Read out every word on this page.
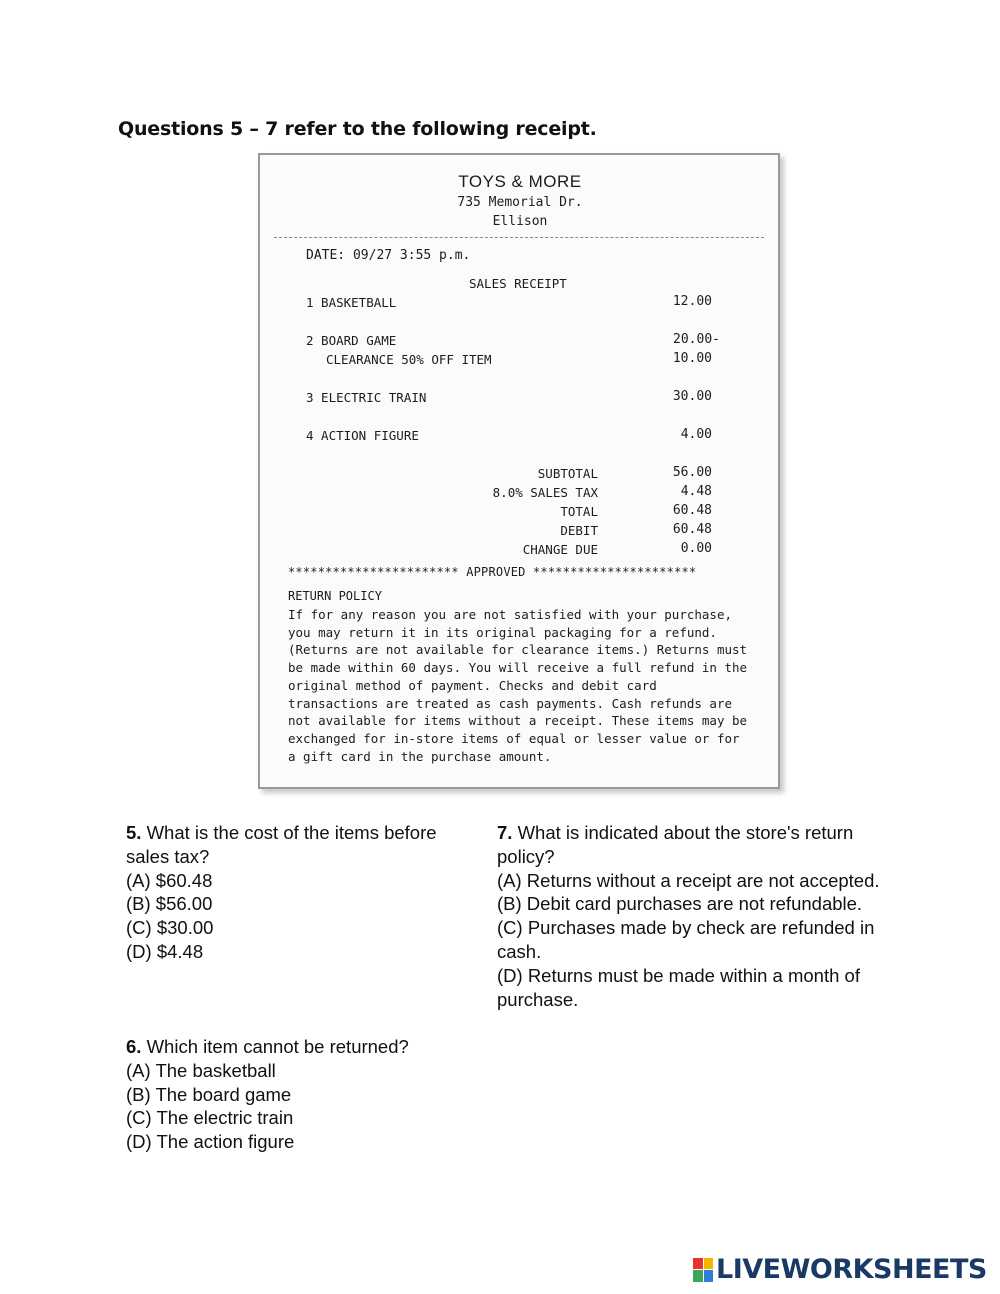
Questions 5 – 7 refer to the following receipt.
TOYS & MORE
735 Memorial Dr.
Ellison
DATE: 09/27 3:55 p.m.
SALES RECEIPT
1 BASKETBALL	12.00
2 BOARD GAME	20.00-
CLEARANCE 50% OFF ITEM	10.00
3 ELECTRIC TRAIN	30.00
4 ACTION FIGURE	4.00
SUBTOTAL	56.00
8.0% SALES TAX	4.48
TOTAL	60.48
DEBIT	60.48
CHANGE DUE	0.00
*********************** APPROVED **********************
RETURN POLICY
If for any reason you are not satisfied with your purchase,
you may return it in its original packaging for a refund.
(Returns are not available for clearance items.) Returns must
be made within 60 days. You will receive a full refund in the
original method of payment. Checks and debit card
transactions are treated as cash payments. Cash refunds are
not available for items without a receipt. These items may be
exchanged for in-store items of equal or lesser value or for
a gift card in the purchase amount.
5. What is the cost of the items before
sales tax?
(A) $60.48
(B) $56.00
(C) $30.00
(D) $4.48
7. What is indicated about the store's return
policy?
(A) Returns without a receipt are not accepted.
(B) Debit card purchases are not refundable.
(C) Purchases made by check are refunded in
cash.
(D) Returns must be made within a month of
purchase.
6. Which item cannot be returned?
(A) The basketball
(B) The board game
(C) The electric train
(D) The action figure
LIVEWORKSHEETS
